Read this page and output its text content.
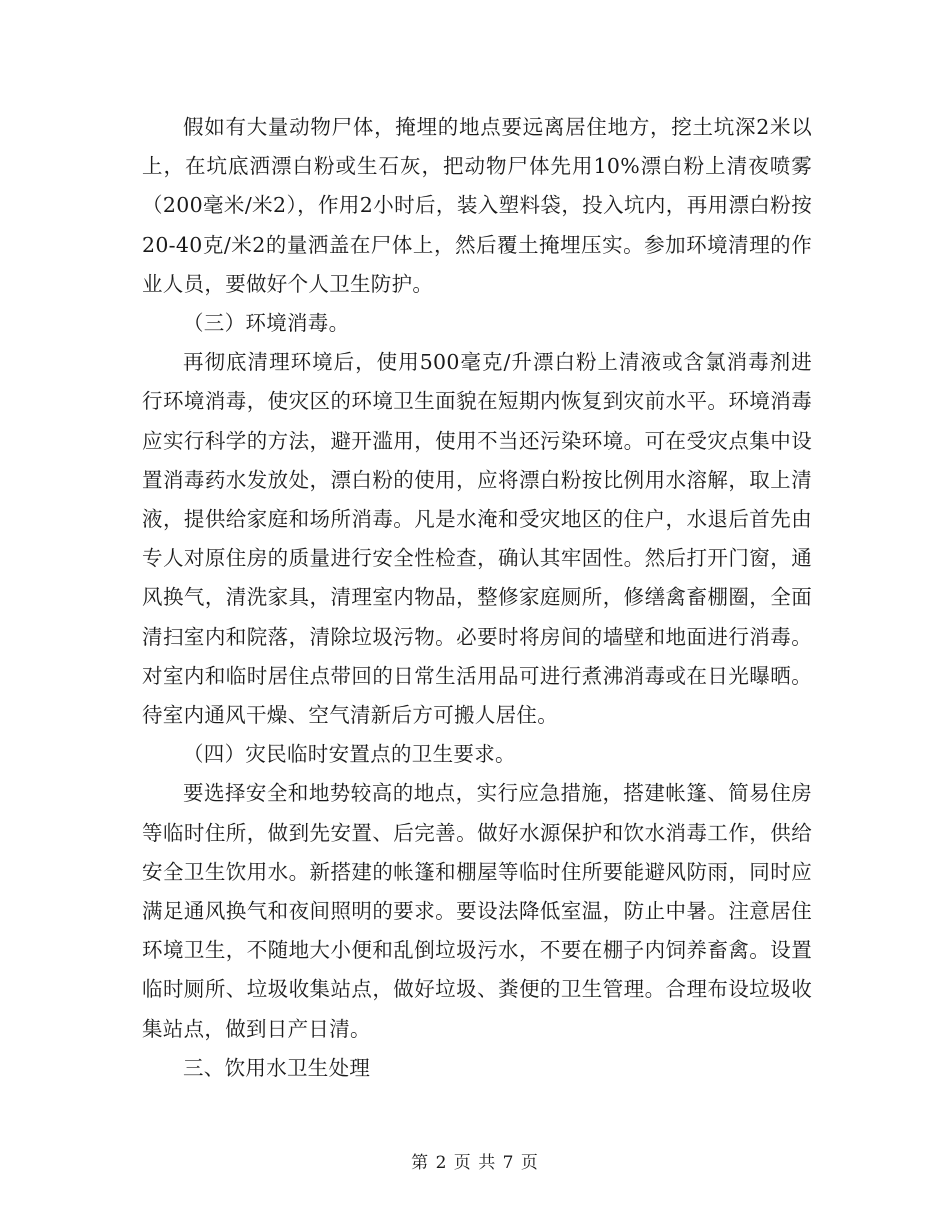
假如有大量动物尸体，掩埋的地点要远离居住地方，挖土坑深2米以上，在坑底洒漂白粉或生石灰，把动物尸体先用10%漂白粉上清夜喷雾（200毫米/米2），作用2小时后，装入塑料袋，投入坑内，再用漂白粉按20-40克/米2的量洒盖在尸体上，然后覆土掩埋压实。参加环境清理的作业人员，要做好个人卫生防护。

（三）环境消毒。

再彻底清理环境后，使用500毫克/升漂白粉上清液或含氯消毒剂进行环境消毒，使灾区的环境卫生面貌在短期内恢复到灾前水平。环境消毒应实行科学的方法，避开滥用，使用不当还污染环境。可在受灾点集中设置消毒药水发放处，漂白粉的使用，应将漂白粉按比例用水溶解，取上清液，提供给家庭和场所消毒。凡是水淹和受灾地区的住户，水退后首先由专人对原住房的质量进行安全性检查，确认其牢固性。然后打开门窗，通风换气，清洗家具，清理室内物品，整修家庭厕所，修缮禽畜棚圈，全面清扫室内和院落，清除垃圾污物。必要时将房间的墙壁和地面进行消毒。对室内和临时居住点带回的日常生活用品可进行煮沸消毒或在日光曝晒。待室内通风干燥、空气清新后方可搬人居住。

（四）灾民临时安置点的卫生要求。

要选择安全和地势较高的地点，实行应急措施，搭建帐篷、简易住房等临时住所，做到先安置、后完善。做好水源保护和饮水消毒工作，供给安全卫生饮用水。新搭建的帐篷和棚屋等临时住所要能避风防雨，同时应满足通风换气和夜间照明的要求。要设法降低室温，防止中暑。注意居住环境卫生，不随地大小便和乱倒垃圾污水，不要在棚子内饲养畜禽。设置临时厕所、垃圾收集站点，做好垃圾、粪便的卫生管理。合理布设垃圾收集站点，做到日产日清。

三、饮用水卫生处理

第 2 页 共 7 页
